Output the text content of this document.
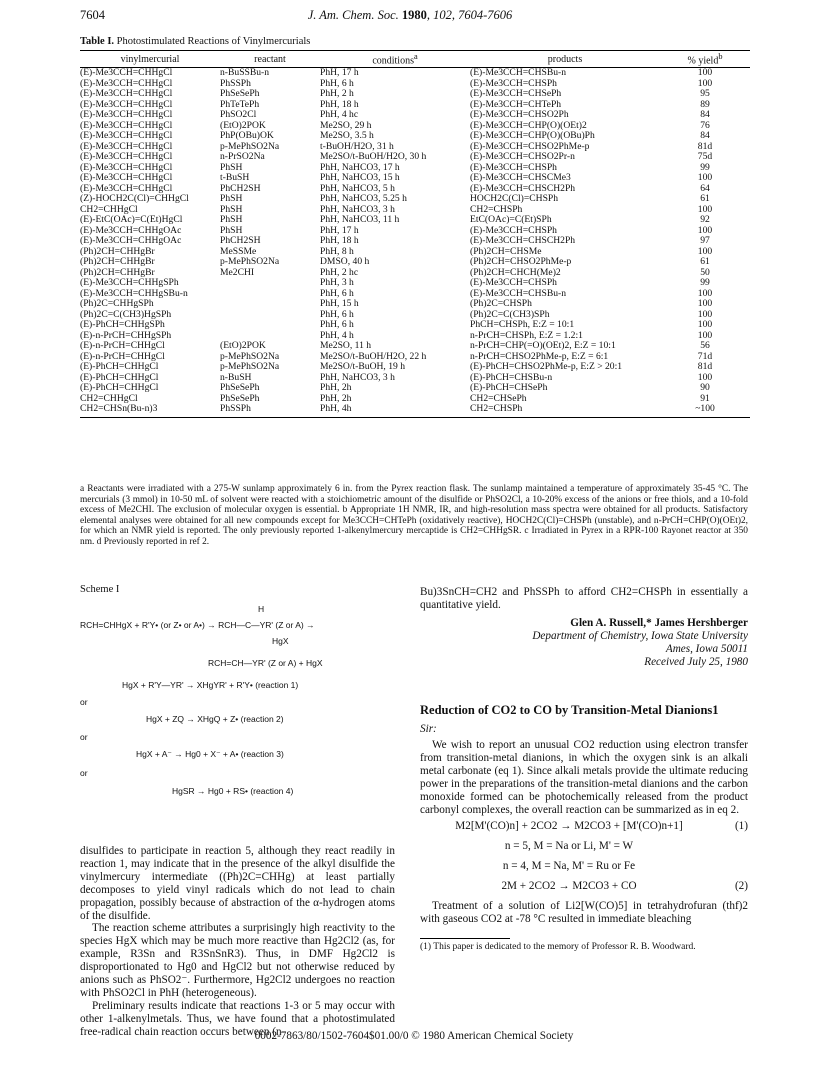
7604	J. Am. Chem. Soc. 1980, 102, 7604-7606
Table I. Photostimulated Reactions of Vinylmercurials
vinylmercurial	reactant	conditions$^a$	products	% yield$^b$
(E)-Me3CCH=CHHgCl	n-BuSSBu-n	PhH, 17 h	(E)-Me3CCH=CHSBu-n	100
(E)-Me3CCH=CHHgCl	PhSSPh	PhH, 6 h	(E)-Me3CCH=CHSPh	100
(E)-Me3CCH=CHHgCl	PhSeSePh	PhH, 2 h	(E)-Me3CCH=CHSePh	95
(E)-Me3CCH=CHHgCl	PhTeTePh	PhH, 18 h	(E)-Me3CCH=CHTePh	89
(E)-Me3CCH=CHHgCl	PhSO2Cl	PhH, 4 hc	(E)-Me3CCH=CHSO2Ph	84
(E)-Me3CCH=CHHgCl	(EtO)2POK	Me2SO, 29 h	(E)-Me3CCH=CHP(O)(OEt)2	76
(E)-Me3CCH=CHHgCl	PhP(OBu)OK	Me2SO, 3.5 h	(E)-Me3CCH=CHP(O)(OBu)Ph	84
(E)-Me3CCH=CHHgCl	p-MePhSO2Na	t-BuOH/H2O, 31 h	(E)-Me3CCH=CHSO2PhMe-p	81d
(E)-Me3CCH=CHHgCl	n-PrSO2Na	Me2SO/t-BuOH/H2O, 30 h	(E)-Me3CCH=CHSO2Pr-n	75d
(E)-Me3CCH=CHHgCl	PhSH	PhH, NaHCO3, 17 h	(E)-Me3CCH=CHSPh	99
(E)-Me3CCH=CHHgCl	t-BuSH	PhH, NaHCO3, 15 h	(E)-Me3CCH=CHSCMe3	100
(E)-Me3CCH=CHHgCl	PhCH2SH	PhH, NaHCO3, 5 h	(E)-Me3CCH=CHSCH2Ph	64
(Z)-HOCH2C(Cl)=CHHgCl	PhSH	PhH, NaHCO3, 5.25 h	HOCH2C(Cl)=CHSPh	61
CH2=CHHgCl	PhSH	PhH, NaHCO3, 3 h	CH2=CHSPh	100
(E)-EtC(OAc)=C(Et)HgCl	PhSH	PhH, NaHCO3, 11 h	EtC(OAc)=C(Et)SPh	92
(E)-Me3CCH=CHHgOAc	PhSH	PhH, 17 h	(E)-Me3CCH=CHSPh	100
(E)-Me3CCH=CHHgOAc	PhCH2SH	PhH, 18 h	(E)-Me3CCH=CHSCH2Ph	97
(Ph)2CH=CHHgBr	MeSSMe	PhH, 8 h	(Ph)2CH=CHSMe	100
(Ph)2CH=CHHgBr	p-MePhSO2Na	DMSO, 40 h	(Ph)2CH=CHSO2PhMe-p	61
(Ph)2CH=CHHgBr	Me2CHI	PhH, 2 hc	(Ph)2CH=CHCH(Me)2	50
(E)-Me3CCH=CHHgSPh		PhH, 3 h	(E)-Me3CCH=CHSPh	99
(E)-Me3CCH=CHHgSBu-n		PhH, 6 h	(E)-Me3CCH=CHSBu-n	100
(Ph)2C=CHHgSPh		PhH, 15 h	(Ph)2C=CHSPh	100
(Ph)2C=C(CH3)HgSPh		PhH, 6 h	(Ph)2C=C(CH3)SPh	100
(E)-PhCH=CHHgSPh		PhH, 6 h	PhCH=CHSPh, E:Z = 10:1	100
(E)-n-PrCH=CHHgSPh		PhH, 4 h	n-PrCH=CHSPh, E:Z = 1.2:1	100
(E)-n-PrCH=CHHgCl	(EtO)2POK	Me2SO, 11 h	n-PrCH=CHP(=O)(OEt)2, E:Z = 10:1	56
(E)-n-PrCH=CHHgCl	p-MePhSO2Na	Me2SO/t-BuOH/H2O, 22 h	n-PrCH=CHSO2PhMe-p, E:Z = 6:1	71d
(E)-PhCH=CHHgCl	p-MePhSO2Na	Me2SO/t-BuOH, 19 h	(E)-PhCH=CHSO2PhMe-p, E:Z > 20:1	81d
(E)-PhCH=CHHgCl	n-BuSH	PhH, NaHCO3, 3 h	(E)-PhCH=CHSBu-n	100
(E)-PhCH=CHHgCl	PhSeSePh	PhH, 2h	(E)-PhCH=CHSePh	90
CH2=CHHgCl	PhSeSePh	PhH, 2h	CH2=CHSePh	91
CH2=CHSn(Bu-n)3	PhSSPh	PhH, 4h	CH2=CHSPh	~100
a Reactants were irradiated with a 275-W sunlamp approximately 6 in. from the Pyrex reaction flask. The sunlamp maintained a temperature of approximately 35-45 °C. The mercurials (3 mmol) in 10-50 mL of solvent were reacted with a stoichiometric amount of the disulfide or PhSO2Cl, a 10-20% excess of the anions or free thiols, and a 10-fold excess of Me2CHI. The exclusion of molecular oxygen is essential. b Appropriate 1H NMR, IR, and high-resolution mass spectra were obtained for all products. Satisfactory elemental analyses were obtained for all new compounds except for Me3CCH=CHTePh (oxidatively reactive), HOCH2C(Cl)=CHSPh (unstable), and n-PrCH=CHP(O)(OEt)2, for which an NMR yield is reported. The only previously reported 1-alkenylmercury mercaptide is CH2=CHHgSR. c Irradiated in Pyrex in a RPR-100 Rayonet reactor at 350 nm. d Previously reported in ref 2.
Scheme I
H
RCH=CHHgX + R'Y• (or Z• or A•) → RCH—C—YR' (Z or A) →
HgX
RCH=CH—YR' (Z or A) + HgX
HgX + R'Y—YR' → XHgYR' + R'Y• (reaction 1)
or
HgX + ZQ → XHgQ + Z• (reaction 2)
or
HgX + A⁻ → Hg0 + X⁻ + A• (reaction 3)
or
HgSR → Hg0 + RS• (reaction 4)

disulfides to participate in reaction 5, although they react readily in reaction 1, may indicate that in the presence of the alkyl disulfide the vinylmercury intermediate ((Ph)2C=CHHg) at least partially decomposes to yield vinyl radicals which do not lead to chain propagation, possibly because of abstraction of the α-hydrogen atoms of the disulfide.

The reaction scheme attributes a surprisingly high reactivity to the species HgX which may be much more reactive than Hg2Cl2 (as, for example, R3Sn and R3SnSnR3). Thus, in DMF Hg2Cl2 is disproportionated to Hg0 and HgCl2 but not otherwise reduced by anions such as PhSO2⁻. Furthermore, Hg2Cl2 undergoes no reaction with PhSO2Cl in PhH (heterogeneous).

Preliminary results indicate that reactions 1-3 or 5 may occur with other 1-alkenylmetals. Thus, we have found that a photostimulated free-radical chain reaction occurs between (n-

Bu)3SnCH=CH2 and PhSSPh to afford CH2=CHSPh in essentially a quantitative yield.

Glen A. Russell,* James Hershberger
Department of Chemistry, Iowa State University
Ames, Iowa 50011
Received July 25, 1980
Reduction of CO2 to CO by Transition-Metal Dianions1
Sir:

We wish to report an unusual CO2 reduction using electron transfer from transition-metal dianions, in which the oxygen sink is an alkali metal carbonate (eq 1). Since alkali metals provide the ultimate reducing power in the preparations of the transition-metal dianions and the carbon monoxide formed can be photochemically released from the product carbonyl complexes, the overall reaction can be summarized as in eq 2.

M2[M'(CO)n] + 2CO2 → M2CO3 + [M'(CO)n+1]	(1)
n = 5, M = Na or Li, M' = W
n = 4, M = Na, M' = Ru or Fe
2M + 2CO2 → M2CO3 + CO	(2)

Treatment of a solution of Li2[W(CO)5] in tetrahydrofuran (thf)2 with gaseous CO2 at -78 °C resulted in immediate bleaching

(1) This paper is dedicated to the memory of Professor R. B. Woodward.
0002-7863/80/1502-7604$01.00/0 © 1980 American Chemical Society
